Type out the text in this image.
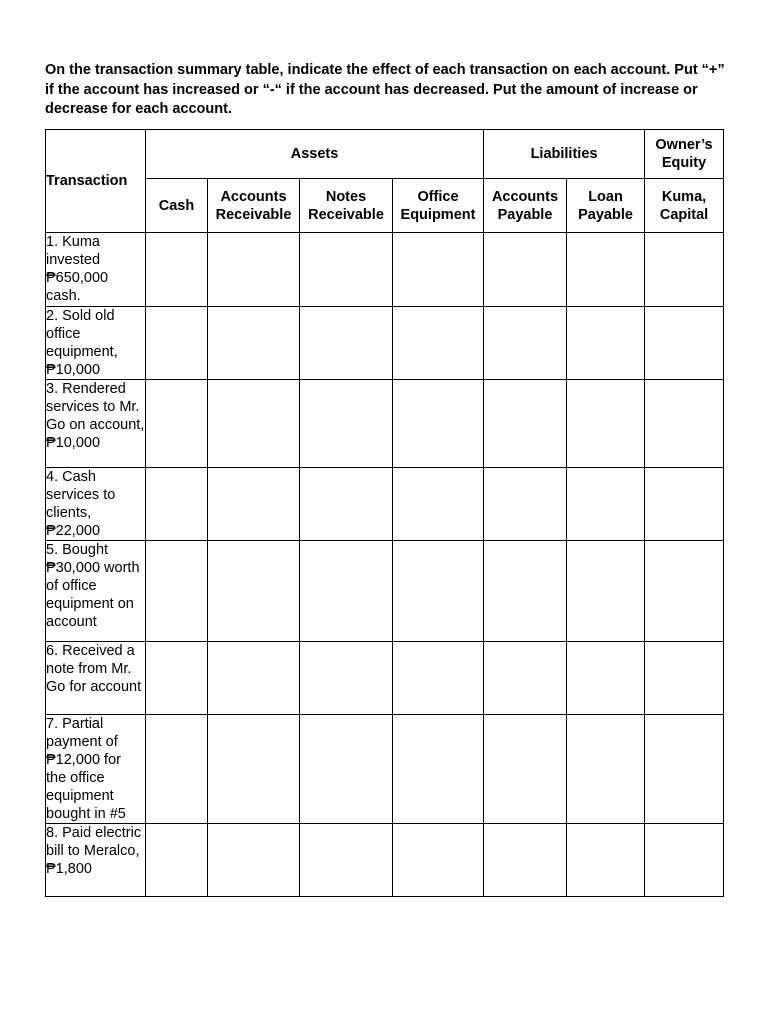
On the transaction summary table, indicate the effect of each transaction on each account. Put “+” if the account has increased or “-“ if the account has decreased. Put the amount of increase or decrease for each account.

Transaction	Assets				Liabilities		Owner’s Equity
	Cash	Accounts Receivable	Notes Receivable	Office Equipment	Accounts Payable	Loan Payable	Kuma, Capital
1. Kuma invested ₱650,000 cash.							
2. Sold old office equipment, ₱10,000							
3. Rendered services to Mr. Go on account, ₱10,000							
4. Cash services to clients, ₱22,000							
5. Bought ₱30,000 worth of office equipment on account							
6. Received a note from Mr. Go for account							
7. Partial payment of ₱12,000 for the office equipment bought in #5							
8. Paid electric bill to Meralco, ₱1,800							
